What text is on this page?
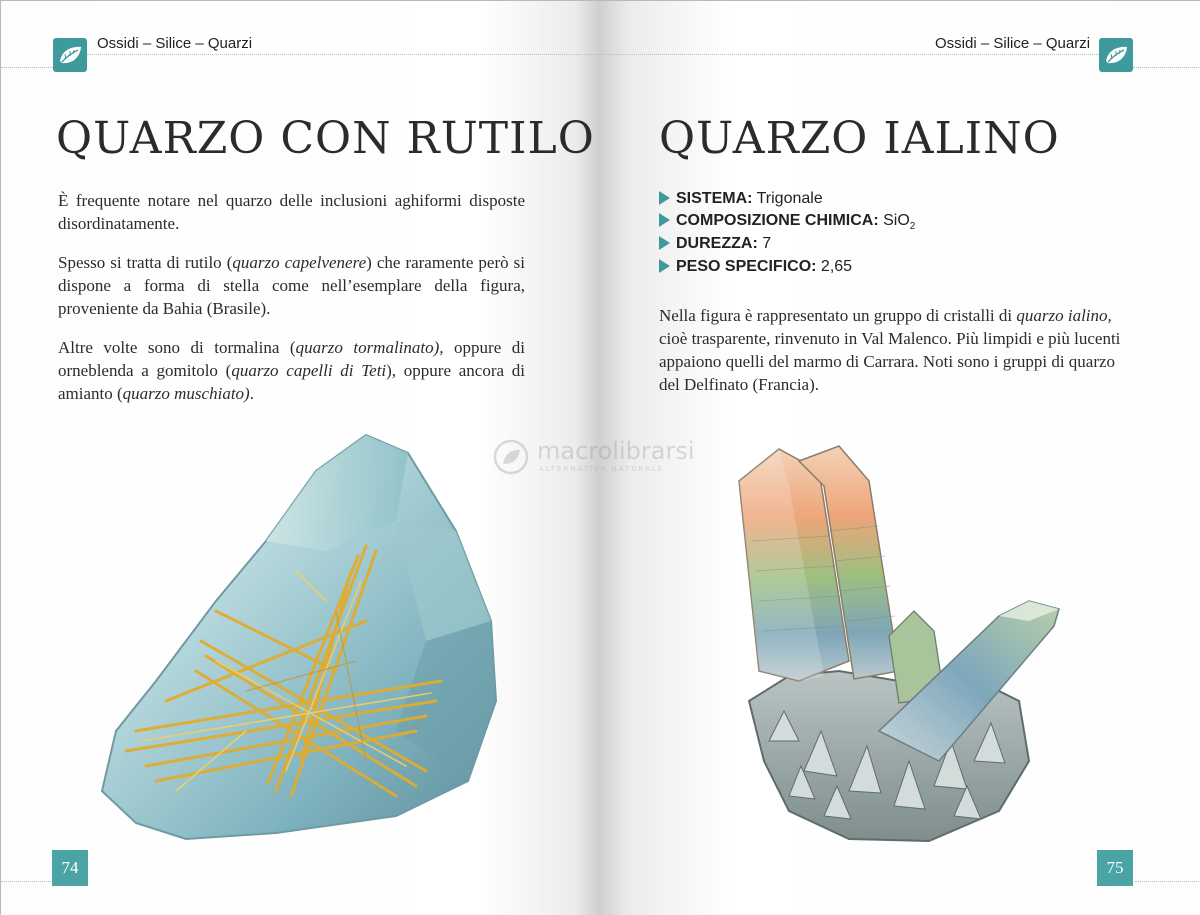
Ossidi – Silice – Quarzi
QUARZO CON RUTILO

È frequente notare nel quarzo delle inclusioni aghiformi disposte disordinatamente.

Spesso si tratta di rutilo (quarzo capelvenere) che raramente però si dispone a forma di stella come nell’esemplare della figura, proveniente da Bahia (Brasile).

Altre volte sono di tormalina (quarzo tormalinato), oppure di orneblenda a gomitolo (quarzo capelli di Teti), oppure ancora di amianto (quarzo muschiato).

74
Ossidi – Silice – Quarzi
QUARZO IALINO
SISTEMA: Trigonale
COMPOSIZIONE CHIMICA: SiO$_2$
DUREZZA: 7
PESO SPECIFICO: 2,65

Nella figura è rappresentato un gruppo di cristalli di quarzo ialino, cioè trasparente, rinvenuto in Val Malenco. Più limpidi e più lucenti appaiono quelli del marmo di Carrara. Noti sono i gruppi di quarzo del Delfinato (Francia).

75
macrolibrarsi
ALTERNATIVA NATURALE
